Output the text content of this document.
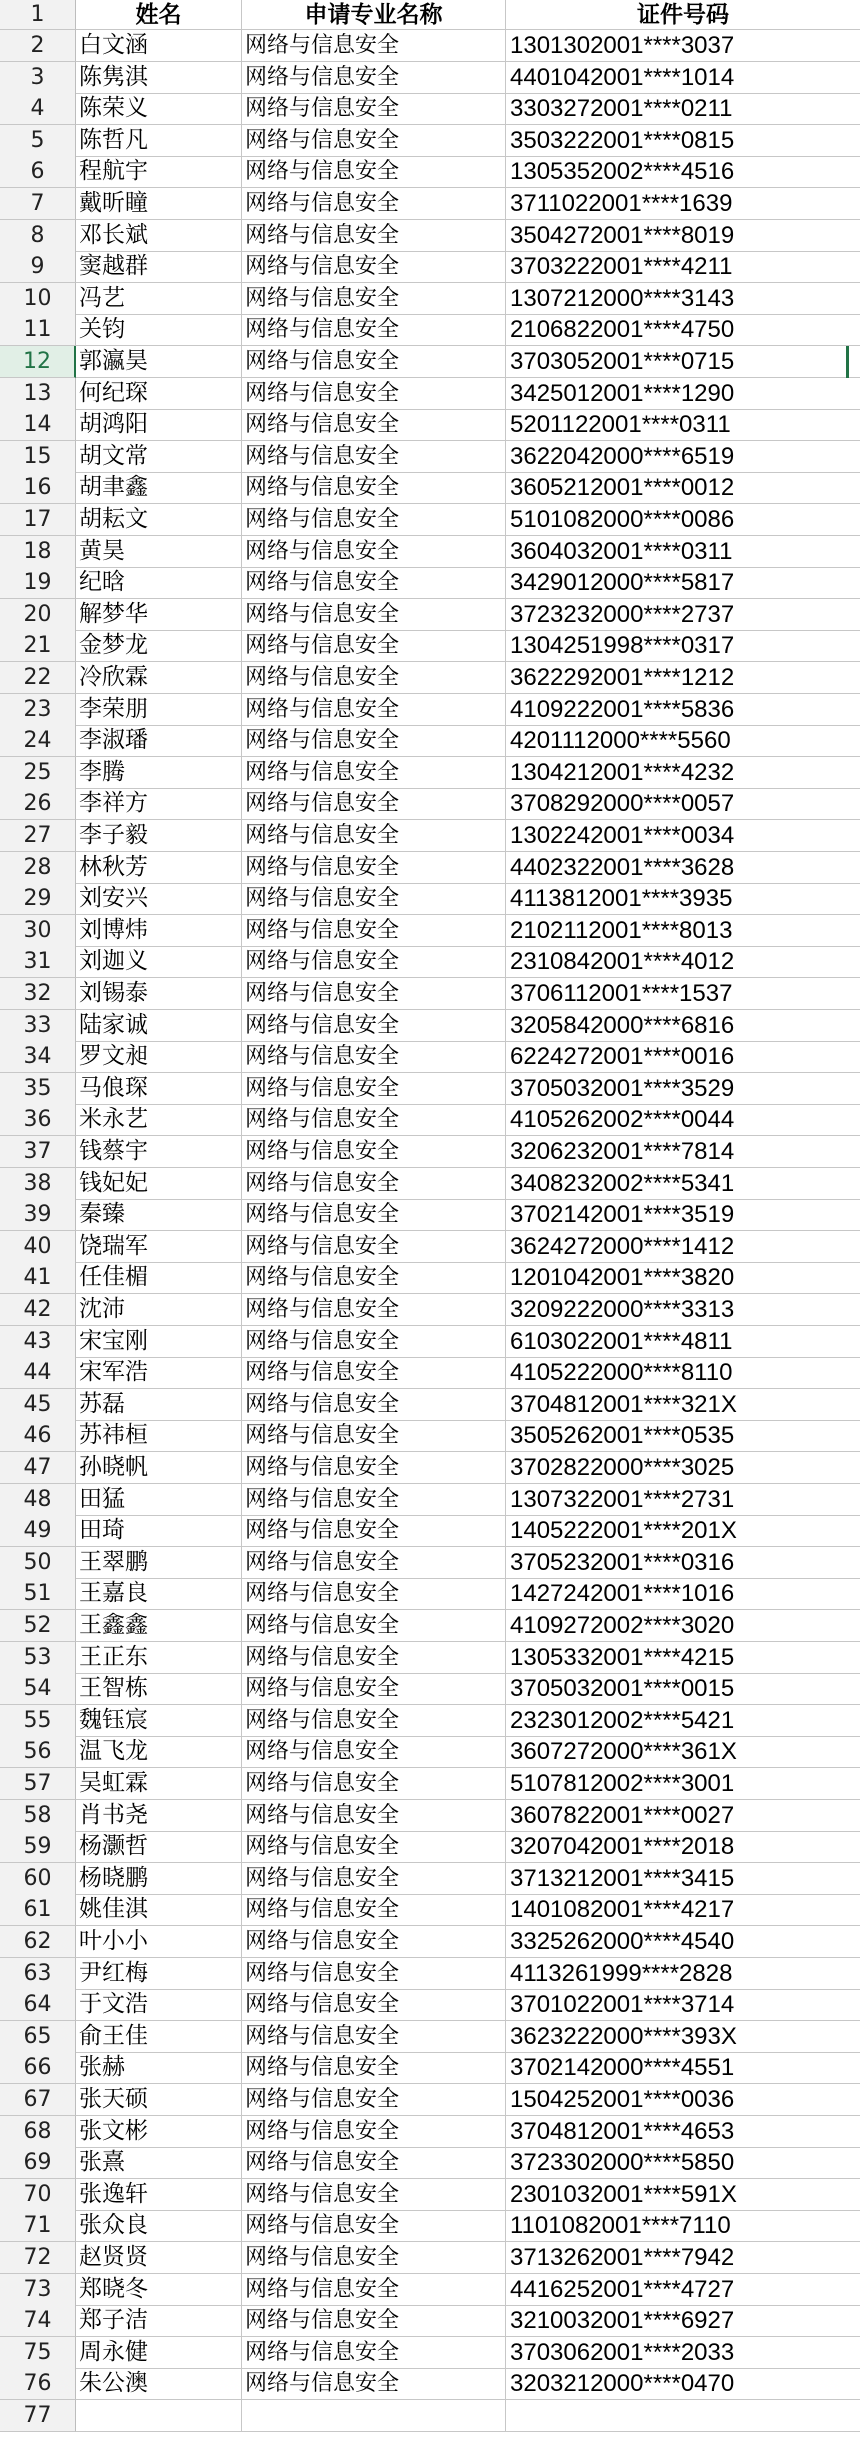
1	姓名	申请专业名称	证件号码
2	白文涵	网络与信息安全	1301302001****3037
3	陈隽淇	网络与信息安全	4401042001****1014
4	陈荣义	网络与信息安全	3303272001****0211
5	陈哲凡	网络与信息安全	3503222001****0815
6	程航宇	网络与信息安全	1305352002****4516
7	戴昕瞳	网络与信息安全	3711022001****1639
8	邓长斌	网络与信息安全	3504272001****8019
9	窦越群	网络与信息安全	3703222001****4211
10	冯艺	网络与信息安全	1307212000****3143
11	关钧	网络与信息安全	2106822001****4750
12	郭瀛昊	网络与信息安全	3703052001****0715
13	何纪琛	网络与信息安全	3425012001****1290
14	胡鸿阳	网络与信息安全	5201122001****0311
15	胡文常	网络与信息安全	3622042000****6519
16	胡聿鑫	网络与信息安全	3605212001****0012
17	胡耘文	网络与信息安全	5101082000****0086
18	黄昊	网络与信息安全	3604032001****0311
19	纪晗	网络与信息安全	3429012000****5817
20	解梦华	网络与信息安全	3723232000****2737
21	金梦龙	网络与信息安全	1304251998****0317
22	冷欣霖	网络与信息安全	3622292001****1212
23	李荣朋	网络与信息安全	4109222001****5836
24	李淑璠	网络与信息安全	4201112000****5560
25	李腾	网络与信息安全	1304212001****4232
26	李祥方	网络与信息安全	3708292000****0057
27	李子毅	网络与信息安全	1302242001****0034
28	林秋芳	网络与信息安全	4402322001****3628
29	刘安兴	网络与信息安全	4113812001****3935
30	刘博炜	网络与信息安全	2102112001****8013
31	刘迦义	网络与信息安全	2310842001****4012
32	刘锡泰	网络与信息安全	3706112001****1537
33	陆家诚	网络与信息安全	3205842000****6816
34	罗文昶	网络与信息安全	6224272001****0016
35	马俍琛	网络与信息安全	3705032001****3529
36	米永艺	网络与信息安全	4105262002****0044
37	钱蔡宇	网络与信息安全	3206232001****7814
38	钱妃妃	网络与信息安全	3408232002****5341
39	秦臻	网络与信息安全	3702142001****3519
40	饶瑞军	网络与信息安全	3624272000****1412
41	任佳楣	网络与信息安全	1201042001****3820
42	沈沛	网络与信息安全	3209222000****3313
43	宋宝刚	网络与信息安全	6103022001****4811
44	宋军浩	网络与信息安全	4105222000****8110
45	苏磊	网络与信息安全	3704812001****321X
46	苏祎桓	网络与信息安全	3505262001****0535
47	孙晓帆	网络与信息安全	3702822000****3025
48	田猛	网络与信息安全	1307322001****2731
49	田琦	网络与信息安全	1405222001****201X
50	王翠鹏	网络与信息安全	3705232001****0316
51	王嘉良	网络与信息安全	1427242001****1016
52	王鑫鑫	网络与信息安全	4109272002****3020
53	王正东	网络与信息安全	1305332001****4215
54	王智栋	网络与信息安全	3705032001****0015
55	魏钰宸	网络与信息安全	2323012002****5421
56	温飞龙	网络与信息安全	3607272000****361X
57	吴虹霖	网络与信息安全	5107812002****3001
58	肖书尧	网络与信息安全	3607822001****0027
59	杨灏哲	网络与信息安全	3207042001****2018
60	杨晓鹏	网络与信息安全	3713212001****3415
61	姚佳淇	网络与信息安全	1401082001****4217
62	叶小小	网络与信息安全	3325262000****4540
63	尹红梅	网络与信息安全	4113261999****2828
64	于文浩	网络与信息安全	3701022001****3714
65	俞王佳	网络与信息安全	3623222000****393X
66	张赫	网络与信息安全	3702142000****4551
67	张天硕	网络与信息安全	1504252001****0036
68	张文彬	网络与信息安全	3704812001****4653
69	张熹	网络与信息安全	3723302000****5850
70	张逸轩	网络与信息安全	2301032001****591X
71	张众良	网络与信息安全	1101082001****7110
72	赵贤贤	网络与信息安全	3713262001****7942
73	郑晓冬	网络与信息安全	4416252001****4727
74	郑子洁	网络与信息安全	3210032001****6927
75	周永健	网络与信息安全	3703062001****2033
76	朱公澳	网络与信息安全	3203212000****0470
77
